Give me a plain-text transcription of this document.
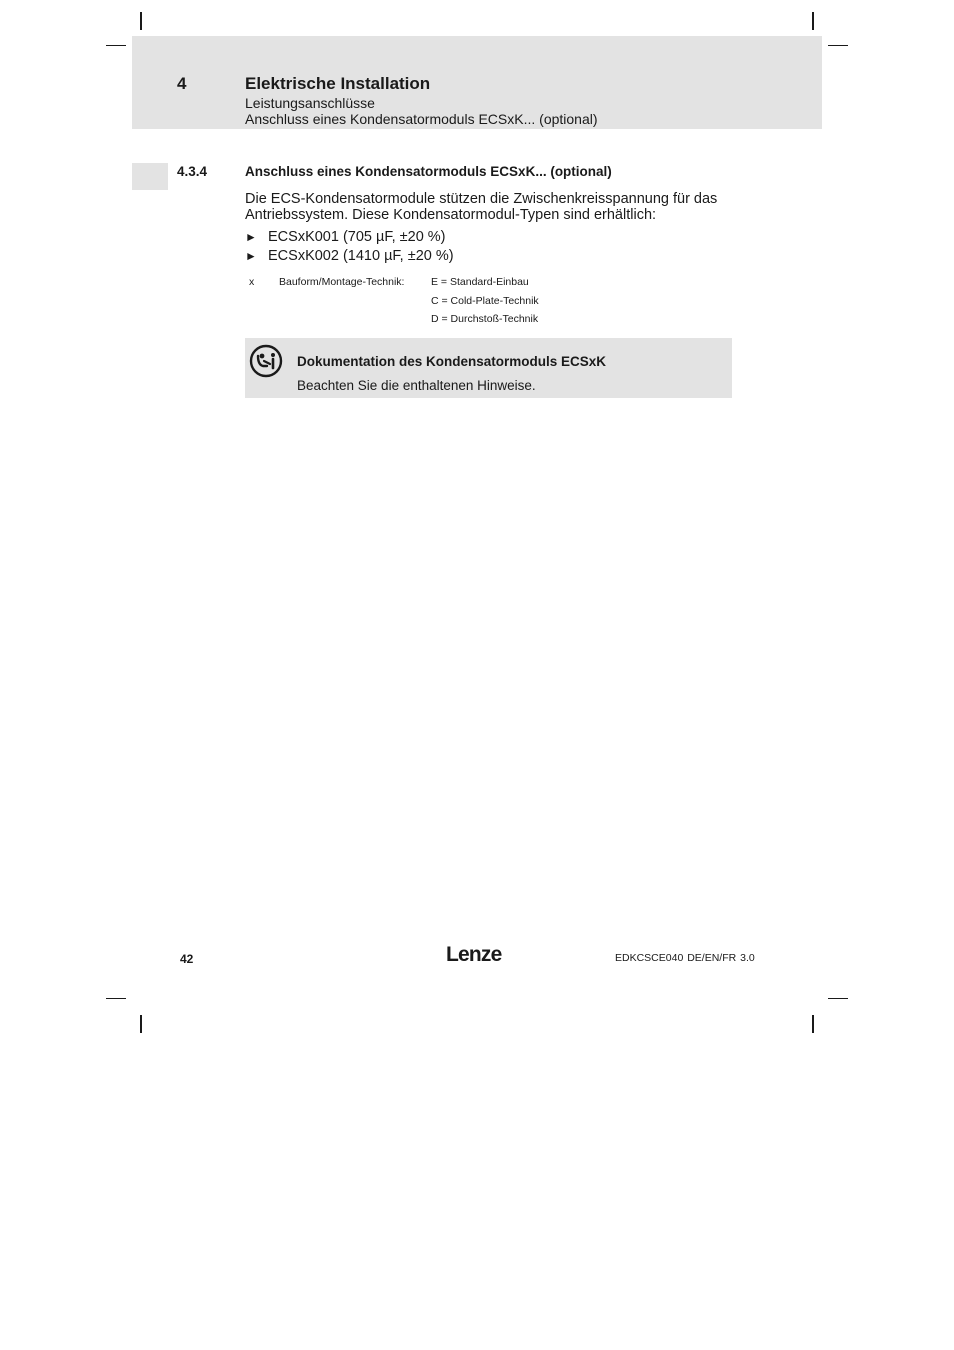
4	Elektrische Installation
Leistungsanschlüsse
Anschluss eines Kondensatormoduls ECSxK... (optional)
4.3.4	Anschluss eines Kondensatormoduls ECSxK... (optional)

Die ECS-Kondensatormodule stützen die Zwischenkreisspannung für das Antriebssystem. Diese Kondensatormodul-Typen sind erhältlich:

► ECSxK001 (705 µF, ±20 %)
► ECSxK002 (1410 µF, ±20 %)
x Bauform/Montage-Technik:	E = Standard-Einbau
C = Cold-Plate-Technik
D = Durchstoß-Technik
Dokumentation des Kondensatormoduls ECSxK
Beachten Sie die enthaltenen Hinweise.
42	Lenze	EDKCSCE040 DE/EN/FR 3.0
